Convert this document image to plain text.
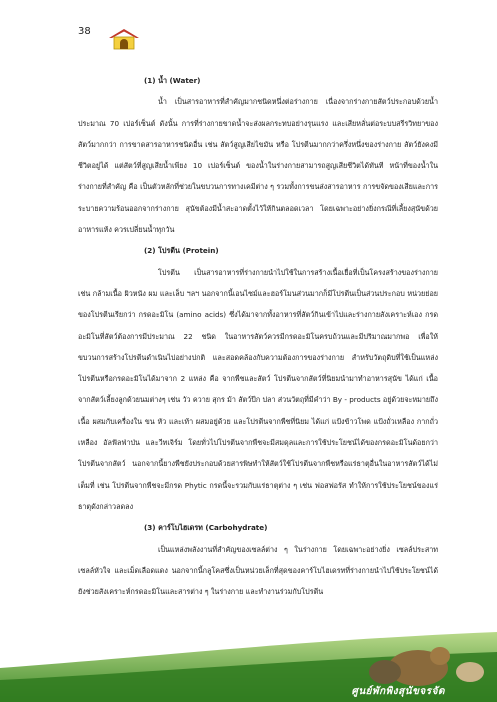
38

(1) น้ำ (Water)

น้ำ เป็นสารอาหารที่สำคัญมากชนิดหนึ่งต่อร่างกาย เนื่องจากร่างกายสัตว์ประกอบด้วยน้ำประมาณ 70 เปอร์เซ็นต์ ดังนั้น การที่ร่างกายขาดน้ำจะส่งผลกระทบอย่างรุนแรง และเสียหลั่นต่อระบบสรีรวิทยาของสัตว์มากกว่า การขาดสารอาหารชนิดอื่น เช่น สัตว์สูญเสียไขมัน หรือ โปรตีนมากกว่าครึ่งหนึ่งของร่างกาย สัตว์ยังคงมีชีวิตอยู่ได้ แต่สัตว์ที่สูญเสียน้ำเพียง 10 เปอร์เซ็นต์ ของน้ำในร่างกายสามารถสูญเสียชีวิตได้ทันที หน้าที่ของน้ำในร่างกายที่สำคัญ คือ เป็นตัวหลักที่ช่วยในขบวนการทางเคมีต่าง ๆ รวมทั้งการขนส่งสารอาหาร การขจัดของเสียและการระบายความร้อนออกจากร่างกาย สุนัขต้องมีน้ำสะอาดตั้งไว้ให้กินตลอดเวลา โดยเฉพาะอย่างยิ่งกรณีที่เลี้ยงสุนัขด้วยอาหารแห้ง ควรเปลี่ยนน้ำทุกวัน

(2) โปรตีน (Protein)

โปรตีน เป็นสารอาหารที่ร่างกายนำไปใช้ในการสร้างเนื้อเยื่อที่เป็นโครงสร้างของร่างกาย เช่น กล้ามเนื้อ ผิวหนัง ผม และเล็บ ฯลฯ นอกจากนี้เอนไซม์และฮอร์โมนส่วนมากก็มีโปรตีนเป็นส่วนประกอบ หน่วยย่อยของโปรตีนเรียกว่า กรดอะมิโน (amino acids) ซึ่งได้มาจากทั้งอาหารที่สัตว์กินเข้าไปและร่างกายสังเคราะห์เอง กรดอะมิโนที่สัตว์ต้องการมีประมาณ 22 ชนิด ในอาหารสัตว์ควรมีกรดอะมิโนครบถ้วนและมีปริมาณมากพอ เพื่อให้ขบวนการสร้างโปรตีนดำเนินไปอย่างปกติ และสอดคล้องกับความต้องการของร่างกาย สำหรับวัตถุดิบที่ใช้เป็นแหล่งโปรตีนหรือกรดอะมิโนได้มาจาก 2 แหล่ง คือ จากพืชและสัตว์ โปรตีนจากสัตว์ที่นิยมนำมาทำอาหารสุนัข ได้แก่ เนื้อจากสัตว์เลี้ยงลูกด้วยนมต่างๆ เช่น วัว ควาย สุกร ม้า สัตว์ปีก ปลา ส่วนวัตถุที่มีคำว่า By - products อยู่ด้วยจะหมายถึง เนื้อ ผสมกับเครื่องใน ขน หัว และเท้า ผสมอยู่ด้วย และโปรตีนจากพืชที่นิยม ได้แก่ แป้งข้าวโพด แป้งถั่วเหลือง กากถั่วเหลือง อัลฟัลฟ่าป่น และวีทเจิร์ม โดยทั่วไปโปรตีนจากพืชจะมีสมดุลและการใช้ประโยชน์ได้ของกรดอะมิโนด้อยกว่าโปรตีนจากสัตว์ นอกจากนี้ยางพืชยังประกอบด้วยสารพิษทำให้สัตว์ใช้โปรตีนจากพืชหรือแร่ธาตุอื่นในอาหารสัตว์ได้ไม่เต็มที่ เช่น โปรตีนจากพืชจะมีกรด Phytic กรดนี้จะรวมกับแร่ธาตุต่าง ๆ เช่น ฟอสฟอรัส ทำให้การใช้ประโยชน์ของแร่ธาตุดังกล่าวลดลง

(3) คาร์โบไฮเดรท (Carbohydrate)

เป็นแหล่งพลังงานที่สำคัญของเซลล์ต่าง ๆ ในร่างกาย โดยเฉพาะอย่างยิ่ง เซลล์ประสาท เซลล์หัวใจ และเม็ดเลือดแดง นอกจากนี้กลูโคสซึ่งเป็นหน่วยเล็กที่สุดของคาร์โบไฮเดรทที่ร่างกายนำไปใช้ประโยชน์ได้ ยังช่วยสังเคราะห์กรดอะมิโนและสารต่าง ๆ ในร่างกาย และทำงานร่วมกับโปรตีน

ศูนย์พักพิงสุนัขจรจัด
